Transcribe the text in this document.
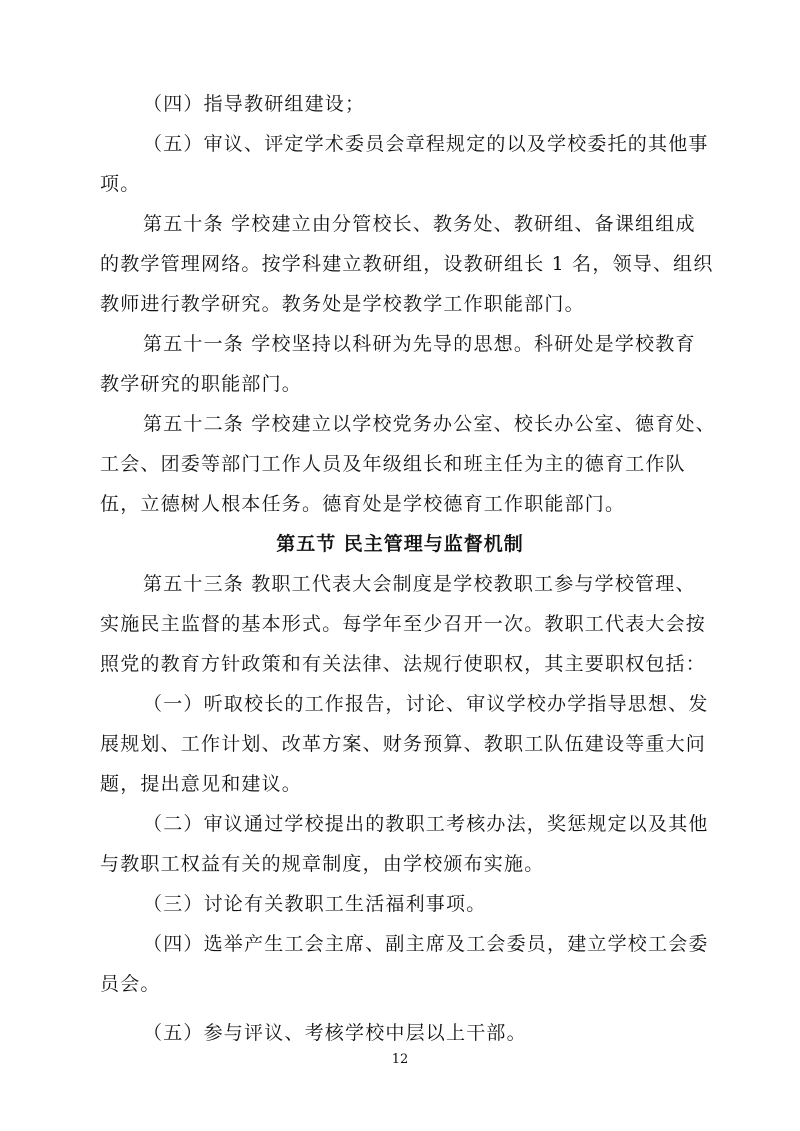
（四）指导教研组建设；
（五）审议、评定学术委员会章程规定的以及学校委托的其他事
项。
第五十条 学校建立由分管校长、教务处、教研组、备课组组成
的教学管理网络。按学科建立教研组，设教研组长 1 名，领导、组织
教师进行教学研究。教务处是学校教学工作职能部门。
第五十一条 学校坚持以科研为先导的思想。科研处是学校教育
教学研究的职能部门。
第五十二条 学校建立以学校党务办公室、校长办公室、德育处、
工会、团委等部门工作人员及年级组长和班主任为主的德育工作队
伍，立德树人根本任务。德育处是学校德育工作职能部门。
第五节 民主管理与监督机制
第五十三条 教职工代表大会制度是学校教职工参与学校管理、
实施民主监督的基本形式。每学年至少召开一次。教职工代表大会按
照党的教育方针政策和有关法律、法规行使职权，其主要职权包括：
（一）听取校长的工作报告，讨论、审议学校办学指导思想、发
展规划、工作计划、改革方案、财务预算、教职工队伍建设等重大问
题，提出意见和建议。
（二）审议通过学校提出的教职工考核办法，奖惩规定以及其他
与教职工权益有关的规章制度，由学校颁布实施。
（三）讨论有关教职工生活福利事项。
（四）选举产生工会主席、副主席及工会委员，建立学校工会委
员会。
12
（五）参与评议、考核学校中层以上干部。
